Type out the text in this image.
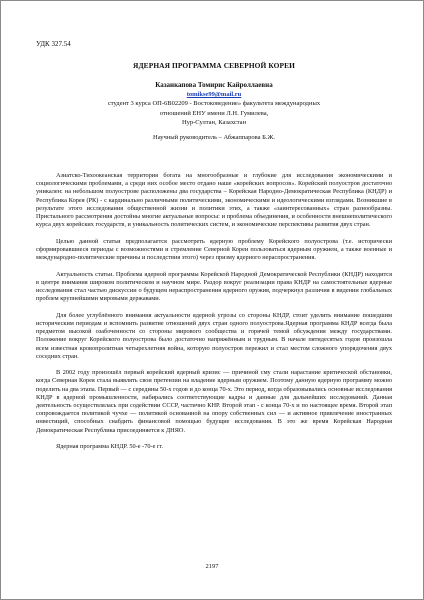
УДК 327.54
ЯДЕРНАЯ ПРОГРАММА СЕВЕРНОЙ КОРЕИ
Казанкапова Томирис Кайроллаевна
tomikse99@mail.ru
студент 3 курса ОП-6В02209 - Востоковедение» факультета международных
отношений ЕНУ имени Л.Н. Гумилева,
Нур-Султан, Казахстан
Научный руководитель – Абжаппарова Б.Ж.

Азиатско-Тихоокеанская территория богата на многообразные и глубокие для исследования экономическими и социологическими проблемами, а среди них особое место отдано наше «корейских вопросов». Корейский полуостров достаточно уникален: на небольшом полуострове расположены два государства – Корейская Народно-Демократическая Республика (КНДР) и Республика Корея (РК) - с кардинально различными политическими, экономическими и идеологическими взглядами. Возникшие в результате этого исследования общественной жизни и политики этих, а также «заинтересованных» стран разнообразны. Пристального рассмотрения достойны многие актуальные вопросы: и проблема объединения, и особенности внешнеполитического курса двух корейских государств, и уникальность политических систем, и экономические перспективы развития двух стран.

Целью данной статьи предполагается рассмотреть ядерную проблему Корейского полуострова (т.е. исторически сформировавшиеся периоды с возможностями и стремление Северной Кореи пользоваться ядерным оружием, а также военные и международно-политические причины и последствия этого) через призму ядерного нераспространения.

Актуальность статьи. Проблема ядерной программы Корейской Народной Демократической Республики (КНДР) находится в центре внимания широком политическом и научном мире. Раздор вокруг реализации права КНДР на самостоятельные ядерные исследования стал частью дискуссии о будущем нераспространения ядерного оружия, подчеркнул различия в видении глобальных проблем крупнейшими мировыми державами.

Для более углублённого внимания актуальности ядерной угрозы со стороны КНДР, стоит уделить внимание пошедшим историческим периодам и вспомнить развитие отношений двух стран одного полуострова.Ядерная программа КНДР всегда была предметом высокой озабоченности со стороны мирового сообщества и горячей темой обсуждения между государствами. Положение вокруг Корейского полуострова было достаточно напряжённым и трудным. В начале пятидесятых годов произошла всем известная кровопролитная четырехлетняя война, которую полуостров пережил и стал местом сложного упорядочения двух соседних стран.

В 2002 году произошёл первый корейский ядерный кризис — причиной сму стали нарастание критической обстановки, когда Северная Корея стала выявлять свои претензии на владение ядерным оружием. Поэтому данную ядерную программу можно поделить на два этапа. Первый — с середины 50-х годов и до конца 70-х. Это период, когда образовывались основные исследования КНДР в ядерной промышленности, набирались соответствующие кадры и данные для дальнейших исследований. Данная деятельность осуществлялась при содействии СССР, частично КНР. Второй этап - с конца 70-х и по настоящее время. Второй этап сопровождается политикой чучхе — политикой основанной на опору собственных сил — и активное привлечение иностранных инвестиций, способных снабдить финансовой помощью будущие исследования. В это же время Корейская Народная Демократическая Республика присоединяется к ДНЯО.

Ядерная программа КНДР. 50-е -70-е гг.

2197
